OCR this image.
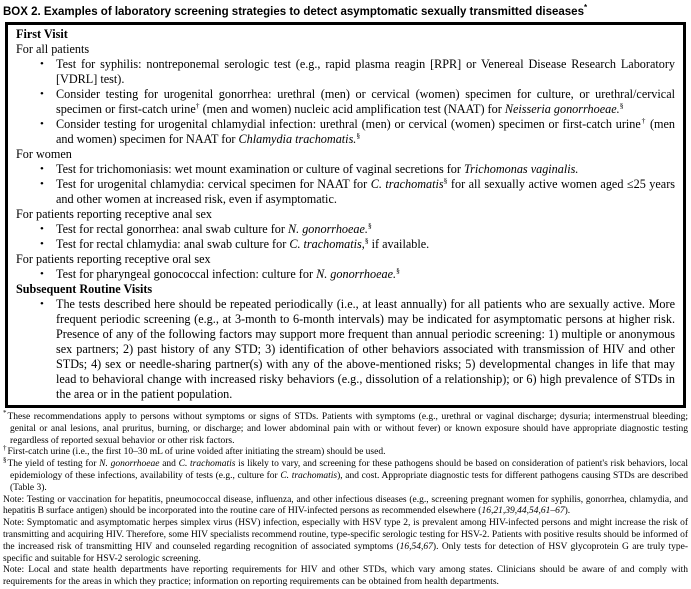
BOX 2. Examples of laboratory screening strategies to detect asymptomatic sexually transmitted diseases*
First Visit
For all patients
• Test for syphilis: nontreponemal serologic test (e.g., rapid plasma reagin [RPR] or Venereal Disease Research Laboratory [VDRL] test).
• Consider testing for urogenital gonorrhea: urethral (men) or cervical (women) specimen for culture, or urethral/cervical specimen or first-catch urine† (men and women) nucleic acid amplification test (NAAT) for Neisseria gonorrhoeae.§
• Consider testing for urogenital chlamydial infection: urethral (men) or cervical (women) specimen or first-catch urine† (men and women) specimen for NAAT for Chlamydia trachomatis.§
For women
• Test for trichomoniasis: wet mount examination or culture of vaginal secretions for Trichomonas vaginalis.
• Test for urogenital chlamydia: cervical specimen for NAAT for C. trachomatis§ for all sexually active women aged ≤25 years and other women at increased risk, even if asymptomatic.
For patients reporting receptive anal sex
• Test for rectal gonorrhea: anal swab culture for N. gonorrhoeae.§
• Test for rectal chlamydia: anal swab culture for C. trachomatis,§ if available.
For patients reporting receptive oral sex
• Test for pharyngeal gonococcal infection: culture for N. gonorrhoeae.§
Subsequent Routine Visits
• The tests described here should be repeated periodically (i.e., at least annually) for all patients who are sexually active. More frequent periodic screening (e.g., at 3-month to 6-month intervals) may be indicated for asymptomatic persons at higher risk. Presence of any of the following factors may support more frequent than annual periodic screening: 1) multiple or anonymous sex partners; 2) past history of any STD; 3) identification of other behaviors associated with transmission of HIV and other STDs; 4) sex or needle-sharing partner(s) with any of the above-mentioned risks; 5) developmental changes in life that may lead to behavioral change with increased risky behaviors (e.g., dissolution of a relationship); or 6) high prevalence of STDs in the area or in the patient population.
*These recommendations apply to persons without symptoms or signs of STDs. Patients with symptoms (e.g., urethral or vaginal discharge; dysuria; intermenstrual bleeding; genital or anal lesions, anal pruritus, burning, or discharge; and lower abdominal pain with or without fever) or known exposure should have appropriate diagnostic testing regardless of reported sexual behavior or other risk factors.
†First-catch urine (i.e., the first 10–30 mL of urine voided after initiating the stream) should be used.
§The yield of testing for N. gonorrhoeae and C. trachomatis is likely to vary, and screening for these pathogens should be based on consideration of patient's risk behaviors, local epidemiology of these infections, availability of tests (e.g., culture for C. trachomatis), and cost. Appropriate diagnostic tests for different pathogens causing STDs are described (Table 3).
Note: Testing or vaccination for hepatitis, pneumococcal disease, influenza, and other infectious diseases (e.g., screening pregnant women for syphilis, gonorrhea, chlamydia, and hepatitis B surface antigen) should be incorporated into the routine care of HIV-infected persons as recommended elsewhere (16,21,39,44,54,61–67).
Note: Symptomatic and asymptomatic herpes simplex virus (HSV) infection, especially with HSV type 2, is prevalent among HIV-infected persons and might increase the risk of transmitting and acquiring HIV. Therefore, some HIV specialists recommend routine, type-specific serologic testing for HSV-2. Patients with positive results should be informed of the increased risk of transmitting HIV and counseled regarding recognition of associated symptoms (16,54,67). Only tests for detection of HSV glycoprotein G are truly type-specific and suitable for HSV-2 serologic screening.
Note: Local and state health departments have reporting requirements for HIV and other STDs, which vary among states. Clinicians should be aware of and comply with requirements for the areas in which they practice; information on reporting requirements can be obtained from health departments.
